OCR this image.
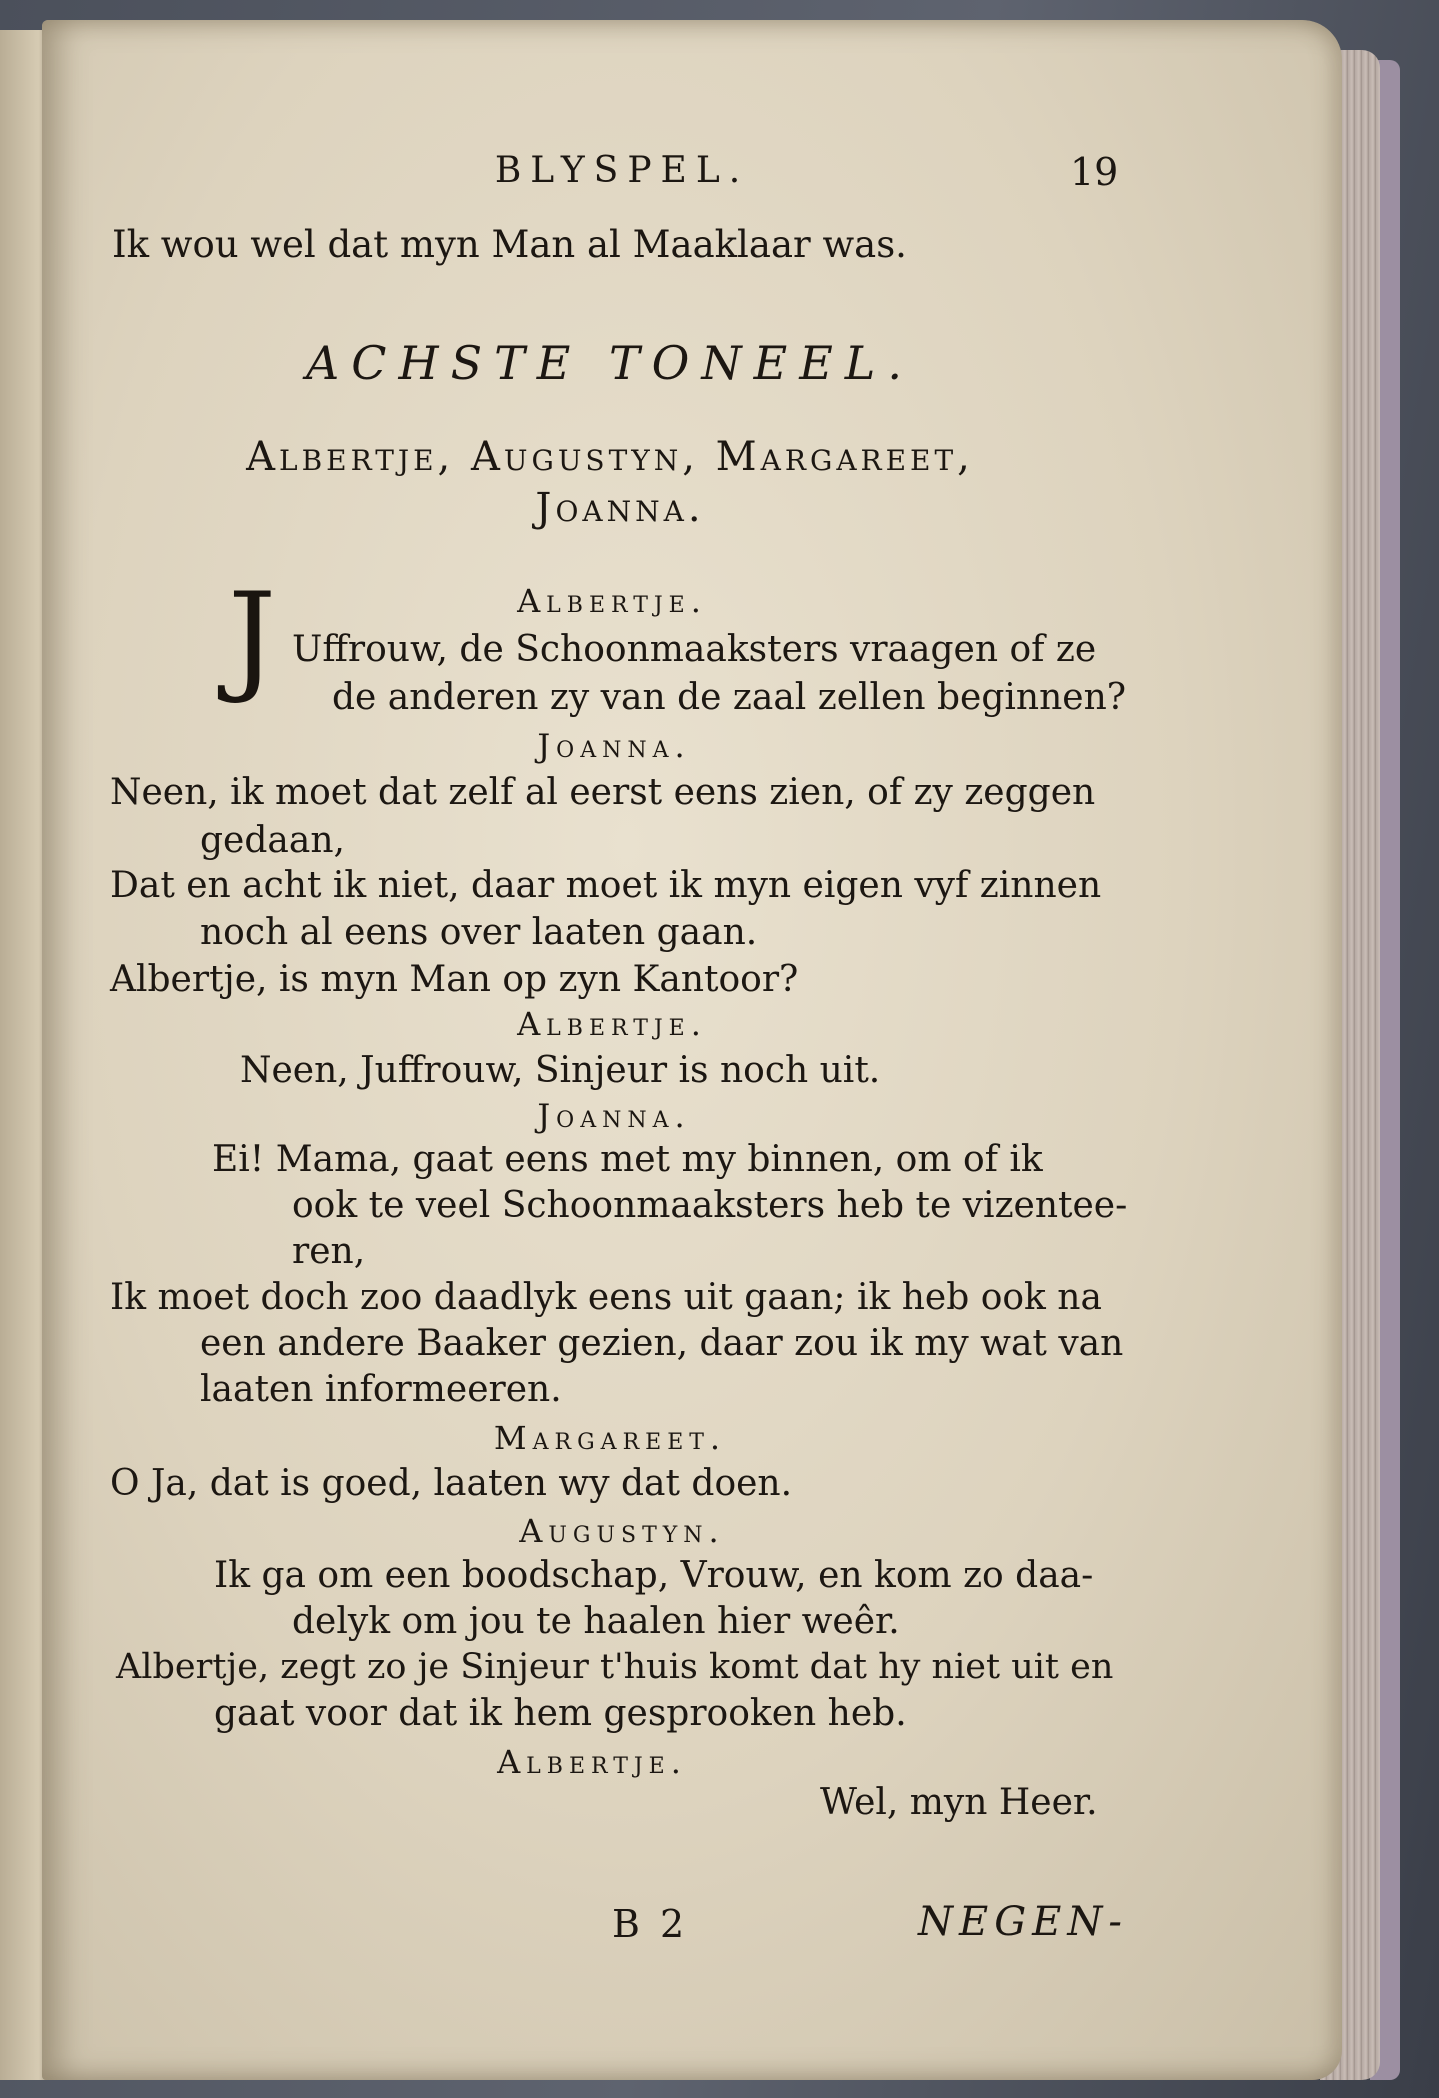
BLYSPEL.	19
Ik wou wel dat myn Man al Maaklaar was.
ACHSTE TONEEL.
Albertje, Augustyn, Margareet,
Joanna.
Albertje.
J Uffrouw, de Schoonmaaksters vraagen of ze
de anderen zy van de zaal zellen beginnen?
Joanna.
Neen, ik moet dat zelf al eerst eens zien, of zy zeggen
gedaan,
Dat en acht ik niet, daar moet ik myn eigen vyf zinnen
noch al eens over laaten gaan.
Albertje, is myn Man op zyn Kantoor?
Albertje.
Neen, Juffrouw, Sinjeur is noch uit.
Joanna.
Ei! Mama, gaat eens met my binnen, om of ik
ook te veel Schoonmaaksters heb te vizentee-
ren,
Ik moet doch zoo daadlyk eens uit gaan; ik heb ook na
een andere Baaker gezien, daar zou ik my wat van
laaten informeeren.
Margareet.
O Ja, dat is goed, laaten wy dat doen.
Augustyn.
Ik ga om een boodschap, Vrouw, en kom zo daa-
delyk om jou te haalen hier weêr.
Albertje, zegt zo je Sinjeur t'huis komt dat hy niet uit en
gaat voor dat ik hem gesprooken heb.
Albertje.
Wel, myn Heer.
B 2	NEGEN-
